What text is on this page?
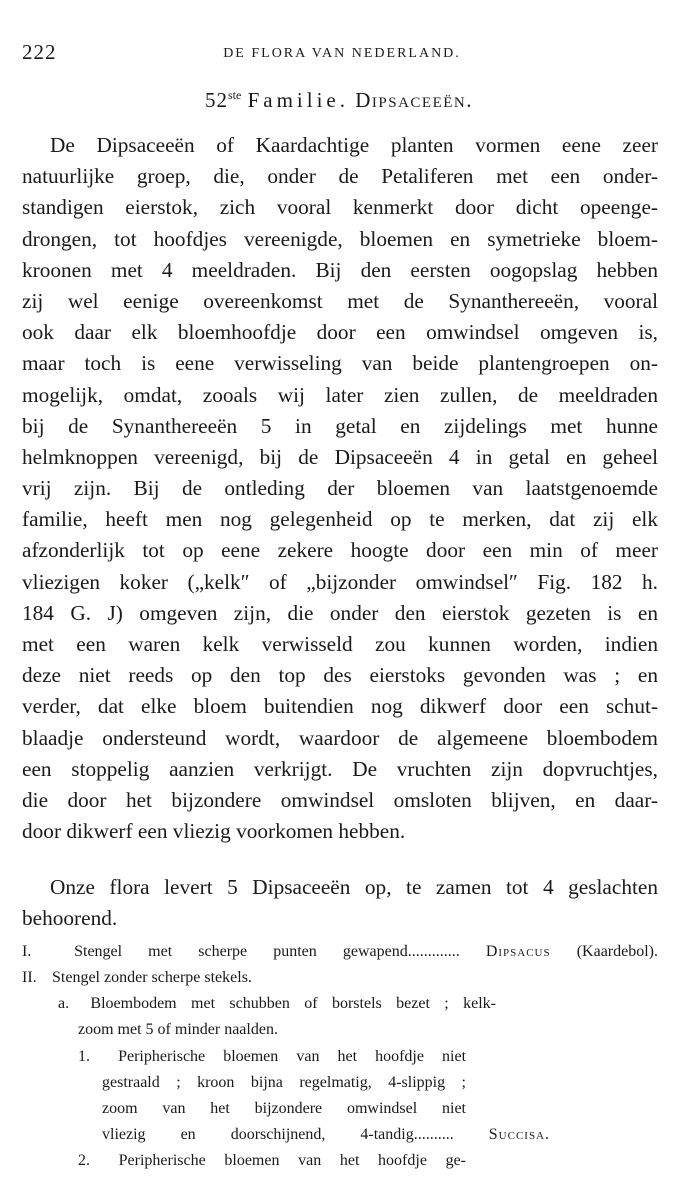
222	DE FLORA VAN NEDERLAND.
52ste Familie. Dipsaceeën.
De Dipsaceeën of Kaardachtige planten vormen eene zeer
natuurlijke groep, die, onder de Petaliferen met een onder-
standigen eierstok, zich vooral kenmerkt door dicht opeenge-
drongen, tot hoofdjes vereenigde, bloemen en symetrieke bloem-
kroonen met 4 meeldraden. Bij den eersten oogopslag hebben
zij wel eenige overeenkomst met de Synanthereeën, vooral
ook daar elk bloemhoofdje door een omwindsel omgeven is,
maar toch is eene verwisseling van beide plantengroepen on-
mogelijk, omdat, zooals wij later zien zullen, de meeldraden
bij de Synanthereeën 5 in getal en zijdelings met hunne
helmknoppen vereenigd, bij de Dipsaceeën 4 in getal en geheel
vrij zijn. Bij de ontleding der bloemen van laatstgenoemde
familie, heeft men nog gelegenheid op te merken, dat zij elk
afzonderlijk tot op eene zekere hoogte door een min of meer
vliezigen koker („kelk″ of „bijzonder omwindsel″ Fig. 182 h.
184 G. J) omgeven zijn, die onder den eierstok gezeten is en
met een waren kelk verwisseld zou kunnen worden, indien
deze niet reeds op den top des eierstoks gevonden was ; en
verder, dat elke bloem buitendien nog dikwerf door een schut-
blaadje ondersteund wordt, waardoor de algemeene bloembodem
een stoppelig aanzien verkrijgt. De vruchten zijn dopvruchtjes,
die door het bijzondere omwindsel omsloten blijven, en daar-
door dikwerf een vliezig voorkomen hebben.
Onze flora levert 5 Dipsaceeën op, te zamen tot 4 geslachten
behoorend.
I.	Stengel met scherpe punten gewapend............. Dipsacus (Kaardebol).
II. Stengel zonder scherpe stekels.
a. Bloembodem met schubben of borstels bezet ; kelk-
zoom met 5 of minder naalden.
1. Peripherische bloemen van het hoofdje niet
gestraald ; kroon bijna regelmatig, 4-slippig ;
zoom van het bijzondere omwindsel niet
vliezig en doorschijnend, 4-tandig.......... Succisa.
2. Peripherische bloemen van het hoofdje ge-
